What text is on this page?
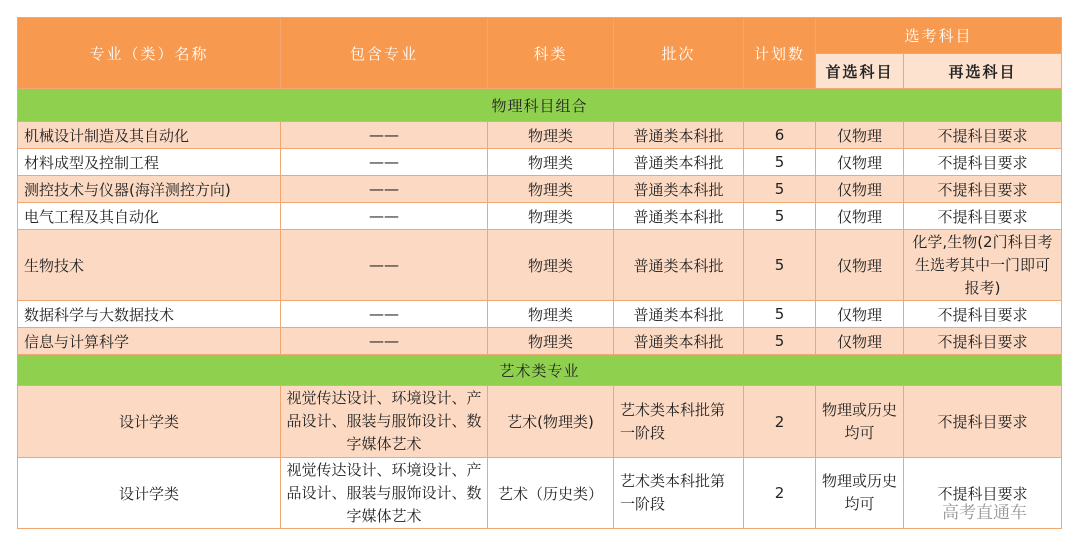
专业（类）名称	包含专业	科类	批次	计划数	选考科目	
					首选科目	再选科目
物理科目组合						
机械设计制造及其自动化	——	物理类	普通类本科批	6	仅物理	不提科目要求
材料成型及控制工程	——	物理类	普通类本科批	5	仅物理	不提科目要求
测控技术与仪器(海洋测控方向)	——	物理类	普通类本科批	5	仅物理	不提科目要求
电气工程及其自动化	——	物理类	普通类本科批	5	仅物理	不提科目要求
生物技术	——	物理类	普通类本科批	5	仅物理	化学,生物(2门科目考生选考其中一门即可报考)
数据科学与大数据技术	——	物理类	普通类本科批	5	仅物理	不提科目要求
信息与计算科学	——	物理类	普通类本科批	5	仅物理	不提科目要求
艺术类专业						
设计学类	视觉传达设计、环境设计、产品设计、服装与服饰设计、数字媒体艺术	艺术(物理类)	艺术类本科批第一阶段	2	物理或历史均可	不提科目要求
设计学类	视觉传达设计、环境设计、产品设计、服装与服饰设计、数字媒体艺术	艺术（历史类）	艺术类本科批第一阶段	2	物理或历史均可	不提科目要求
高考直通车
